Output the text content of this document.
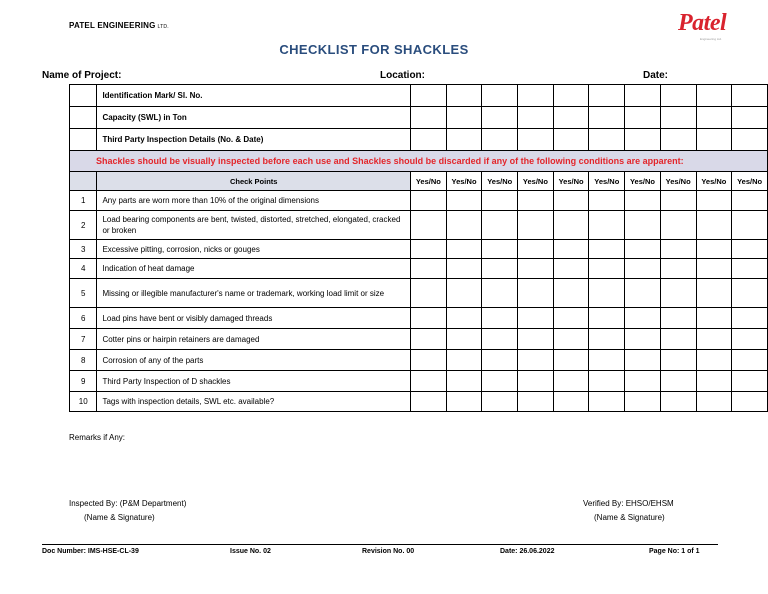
PATEL ENGINEERING LTD.	Patel
Engineering Ltd.
CHECKLIST FOR SHACKLES
Name of Project:	Location:	Date:
	Identification Mark/ Sl. No.										
	Capacity (SWL) in Ton										
	Third Party Inspection Details (No. & Date)										
Shackles should be visually inspected before each use and Shackles should be discarded if any of the following conditions are apparent:											
	Check Points	Yes/No	Yes/No	Yes/No	Yes/No	Yes/No	Yes/No	Yes/No	Yes/No	Yes/No	Yes/No
1	Any parts are worn more than 10% of the original dimensions										
2	Load bearing components are bent, twisted, distorted, stretched, elongated, cracked or broken										
3	Excessive pitting, corrosion, nicks or gouges										
4	Indication of heat damage										
5	Missing or illegible manufacturer's name or trademark, working load limit or size										
6	Load pins have bent or visibly damaged threads										
7	Cotter pins or hairpin retainers are damaged										
8	Corrosion of any of the parts										
9	Third Party Inspection of D shackles										
10	Tags with inspection details, SWL etc. available?										
Remarks if Any:
Inspected By: (P&M Department)
(Name & Signature)
Verified By: EHSO/EHSM
(Name & Signature)
Doc Number: IMS-HSE-CL-39	Issue No. 02	Revision No. 00	Date: 26.06.2022	Page No: 1 of 1
